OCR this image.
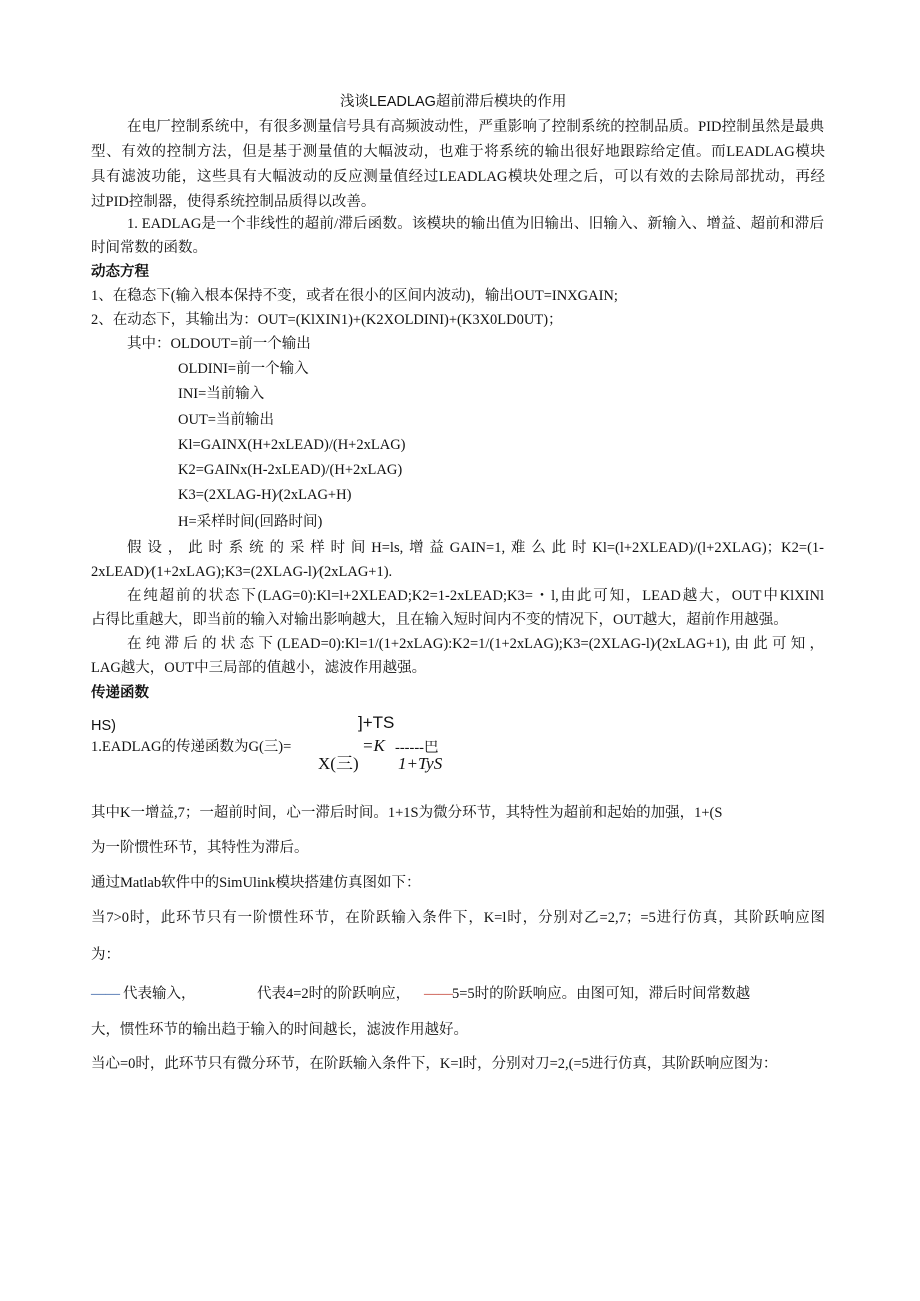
浅谈LEADLAG超前滞后模块的作用
在电厂控制系统中，有很多测量信号具有高频波动性，严重影响了控制系统的控制品质。PID控制虽然是最典
型、有效的控制方法，但是基于测量值的大幅波动，也难于将系统的输出很好地跟踪给定值。而LEADLAG模块
具有滤波功能，这些具有大幅波动的反应测量值经过LEADLAG模块处理之后，可以有效的去除局部扰动，再经
过PID控制器，使得系统控制品质得以改善。
1. EADLAG是一个非线性的超前/滞后函数。该模块的输出值为旧输出、旧输入、新输入、增益、超前和滞后
时间常数的函数。
动态方程
1、在稳态下(输入根本保持不变，或者在很小的区间内波动)，输出OUT=INXGAIN;
2、在动态下，其输出为：OUT=(KlXIN1)+(K2XOLDINI)+(K3X0LD0UT)；
其中：OLDOUT=前一个输出
OLDINI=前一个输入
INI=当前输入
OUT=当前输出
Kl=GAINX(H+2xLEAD)/(H+2xLAG)
K2=GAINx(H-2xLEAD)/(H+2xLAG)
K3=(2XLAG-H)⁄(2xLAG+H)
H=采样时间(回路时间)
假设，此时系统的采样时间H=ls,增益GAIN=1,难么此时Kl=(l+2XLEAD)/(l+2XLAG)；K2=(1-
2xLEAD)⁄(1+2xLAG);K3=(2XLAG-l)⁄(2xLAG+1).
在纯超前的状态下(LAG=0):Kl=l+2XLEAD;K2=1-2xLEAD;K3=・l,由此可知，LEAD越大，OUT中KlXINl
占得比重越大，即当前的输入对输出影响越大，且在输入短时间内不变的情况下，OUT越大，超前作用越强。
在纯滞后的状态下(LEAD=0):Kl=1/(1+2xLAG):K2=1/(1+2xLAG);K3=(2XLAG-l)⁄(2xLAG+1),由此可知，
LAG越大，OUT中三局部的值越小，滤波作用越强。
传递函数
HS)	]+TS
1.EADLAG的传递函数为G(三)=	=K ------巴
X(三) 1+TyS
其中K一增益,7；一超前时间，心一滞后时间。1+1S为微分环节，其特性为超前和起始的加强，1+(S
为一阶惯性环节，其特性为滞后。
通过Matlab软件中的SimUlink模块搭建仿真图如下：
当7>0时，此环节只有一阶惯性环节，在阶跃输入条件下，K=l时，分别对乙=2,7；=5进行仿真，其阶跃响应图
为：
—— 代表输入，	代表4=2时的阶跃响应， —— 5=5时的阶跃响应。由图可知，滞后时间常数越
大，惯性环节的输出趋于输入的时间越长，滤波作用越好。
当心=0时，此环节只有微分环节，在阶跃输入条件下，K=l时，分别对刀=2,(=5进行仿真，其阶跃响应图为：
